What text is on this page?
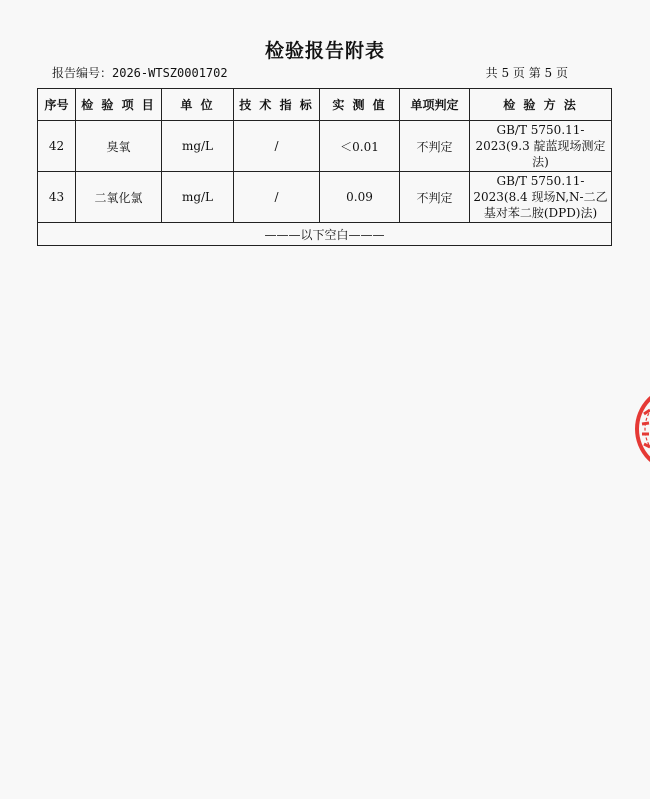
检验报告附表
报告编号：2026-WTSZ0001702	共 5 页 第 5 页
序号	检 验 项 目	单 位	技 术 指 标	实 测 值	单项判定	检 验 方 法
42	臭氧	mg/L	/	＜0.01	不判定	GB/T 5750.11-2023(9.3 靛蓝现场测定法)
43	二氧化氯	mg/L	/	0.09	不判定	GB/T 5750.11-2023(8.4 现场N,N-二乙基对苯二胺(DPD)法)
———以下空白———						
